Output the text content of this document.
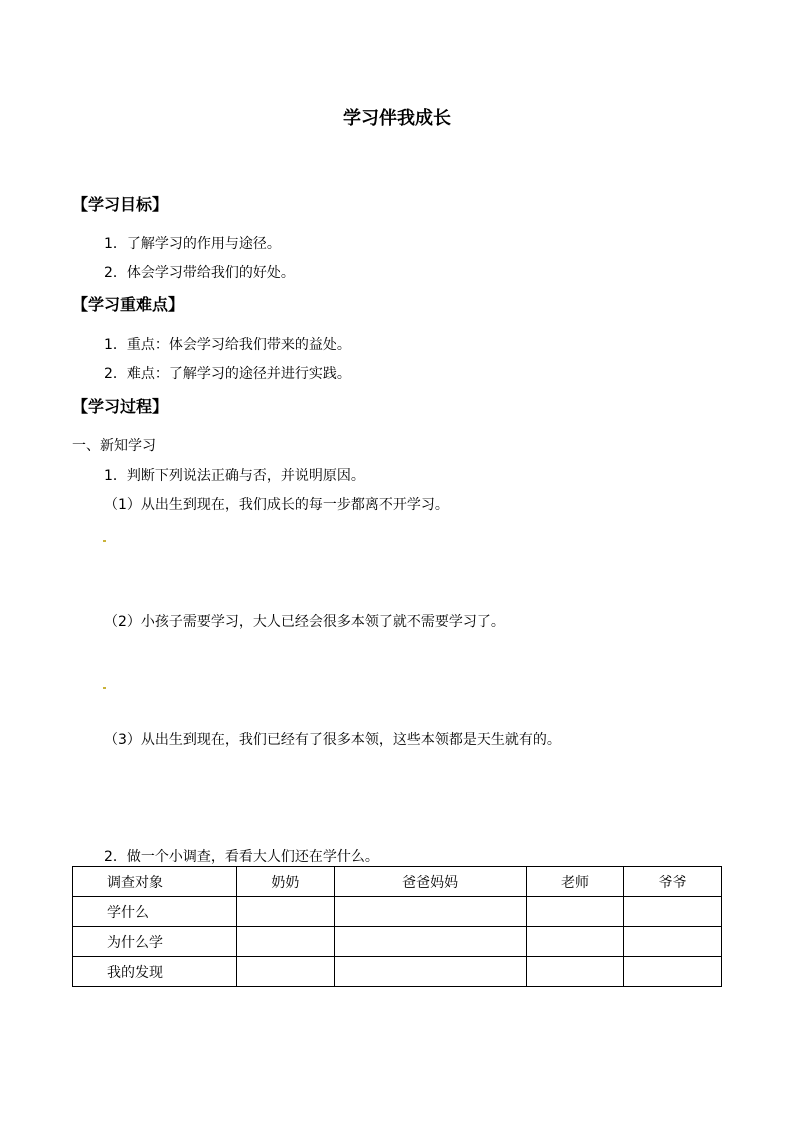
学习伴我成长
【学习目标】
1．了解学习的作用与途径。
2．体会学习带给我们的好处。
【学习重难点】
1．重点：体会学习给我们带来的益处。
2．难点：了解学习的途径并进行实践。
【学习过程】
一、新知学习
1．判断下列说法正确与否，并说明原因。
（1）从出生到现在，我们成长的每一步都离不开学习。
（2）小孩子需要学习，大人已经会很多本领了就不需要学习了。
（3）从出生到现在，我们已经有了很多本领，这些本领都是天生就有的。
2．做一个小调查，看看大人们还在学什么。
调查对象	奶奶	爸爸妈妈	老师	爷爷
学什么				
为什么学				
我的发现				
